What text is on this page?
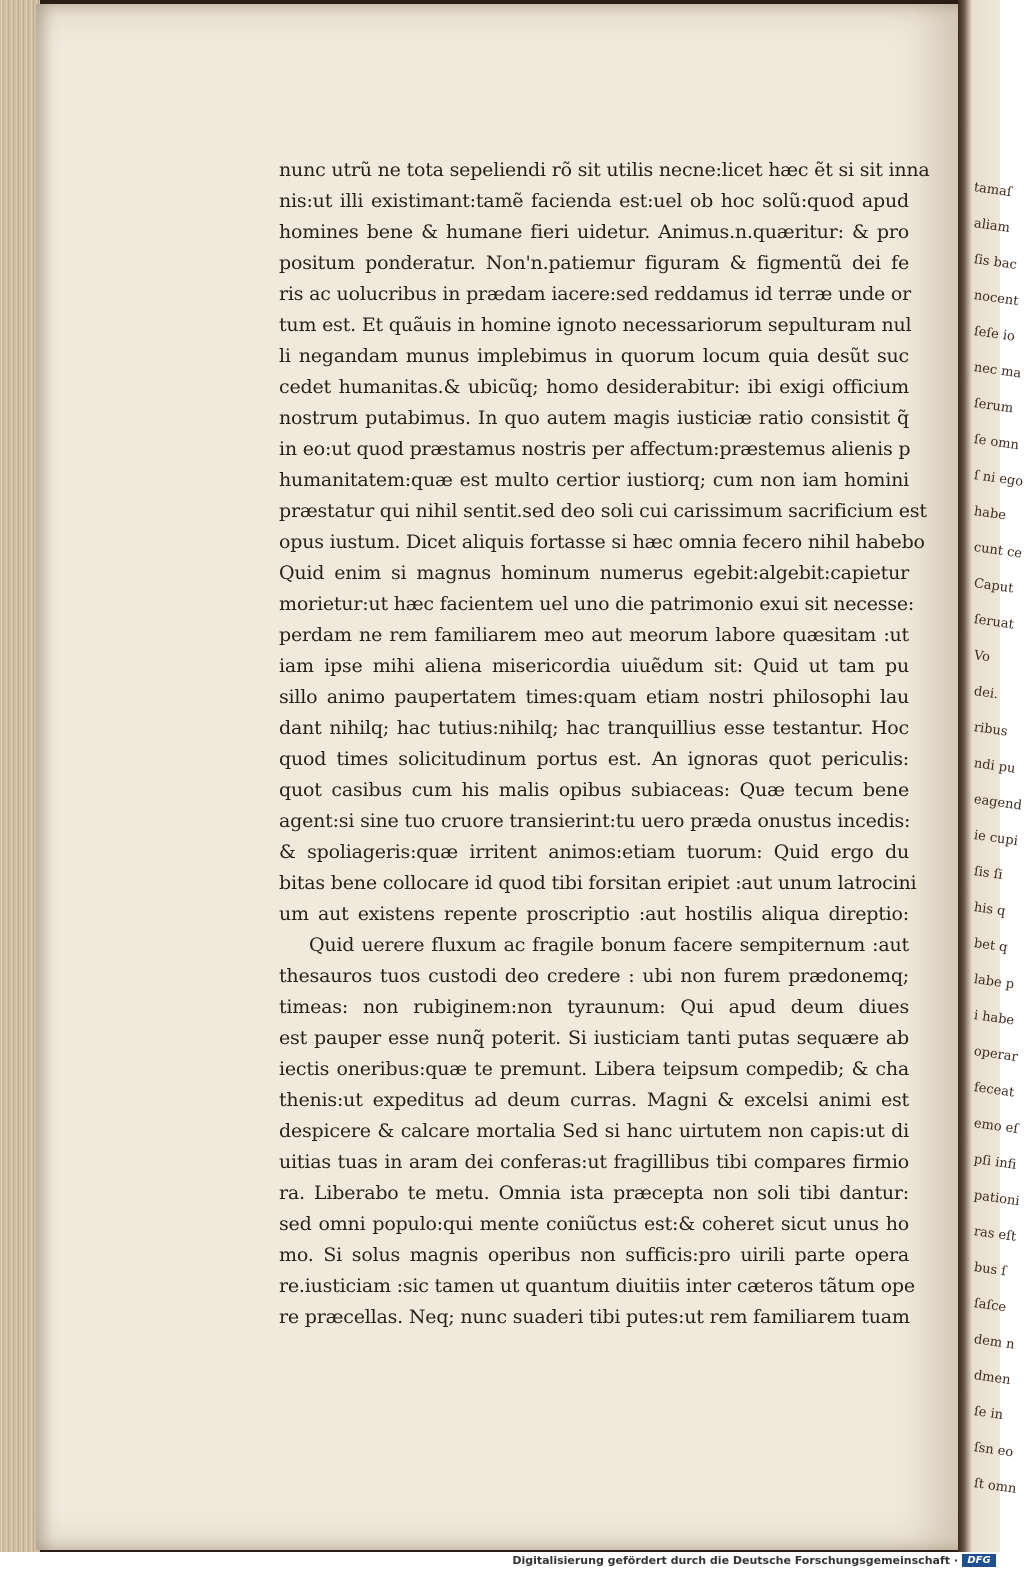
nunc utrũ ne tota sepeliendi rõ sit utilis necne:licet hæc ẽt si sit inna
nis:ut illi existimant:tamẽ facienda est:uel ob hoc solũ:quod apud
homines bene & humane fieri uidetur. Animus.n.quæritur: & pro
positum ponderatur. Non'n.patiemur figuram & figmentũ dei fe
ris ac uolucribus in prædam iacere:sed reddamus id terræ unde or
tum est. Et quãuis in homine ignoto necessariorum sepulturam nul
li negandam munus implebimus in quorum locum quia desũt suc
cedet humanitas.& ubicũq; homo desiderabitur: ibi exigi officium
nostrum putabimus. In quo autem magis iusticiæ ratio consistit q̃
in eo:ut quod præstamus nostris per affectum:præstemus alienis p
humanitatem:quæ est multo certior iustiorq; cum non iam homini
præstatur qui nihil sentit.sed deo soli cui carissimum sacrificium est
opus iustum. Dicet aliquis fortasse si hæc omnia fecero nihil habebo
Quid enim si magnus hominum numerus egebit:algebit:capietur
morietur:ut hæc facientem uel uno die patrimonio exui sit necesse:
perdam ne rem familiarem meo aut meorum labore quæsitam :ut
iam ipse mihi aliena misericordia uiuẽdum sit: Quid ut tam pu
sillo animo paupertatem times:quam etiam nostri philosophi lau
dant nihilq; hac tutius:nihilq; hac tranquillius esse testantur. Hoc
quod times solicitudinum portus est. An ignoras quot periculis:
quot casibus cum his malis opibus subiaceas: Quæ tecum bene
agent:si sine tuo cruore transierint:tu uero præda onustus incedis:
& spoliageris:quæ irritent animos:etiam tuorum: Quid ergo du
bitas bene collocare id quod tibi forsitan eripiet :aut unum latrocini
um aut existens repente proscriptio :aut hostilis aliqua direptio:
Quid uerere fluxum ac fragile bonum facere sempiternum :aut
thesauros tuos custodi deo credere : ubi non furem prædonemq;
timeas: non rubiginem:non tyraunum: Qui apud deum diues
est pauper esse nunq̃ poterit. Si iusticiam tanti putas sequære ab
iectis oneribus:quæ te premunt. Libera teipsum compedib; & cha
thenis:ut expeditus ad deum curras. Magni & excelsi animi est
despicere & calcare mortalia Sed si hanc uirtutem non capis:ut di
uitias tuas in aram dei conferas:ut fragillibus tibi compares firmio
ra. Liberabo te metu. Omnia ista præcepta non soli tibi dantur:
sed omni populo:qui mente coniũctus est:& coheret sicut unus ho
mo. Si solus magnis operibus non sufficis:pro uirili parte opera
re.iusticiam :sic tamen ut quantum diuitiis inter cæteros tãtum ope
re præcellas. Neq; nunc suaderi tibi putes:ut rem familiarem tuam
tamaſ
aliam
ſis bac
nocent
ſeſe io
nec ma
ſerum
ſe omn
ſ ni ego
habe
cunt ce
Caput
ſeruat
Vo
dei.
ribus
ndi pu
eagend
ie cupi
ſis ſi
his q
bet q
labe p
i habe
operar
feceat
emo eſ
pſi infi
pationi
ras eſt
bus ſ
ſaſce
dem n
dmen
ſe in
ſsn eo
ſt omn
Digitalisierung gefördert durch die Deutsche Forschungsgemeinschaft · DFG
